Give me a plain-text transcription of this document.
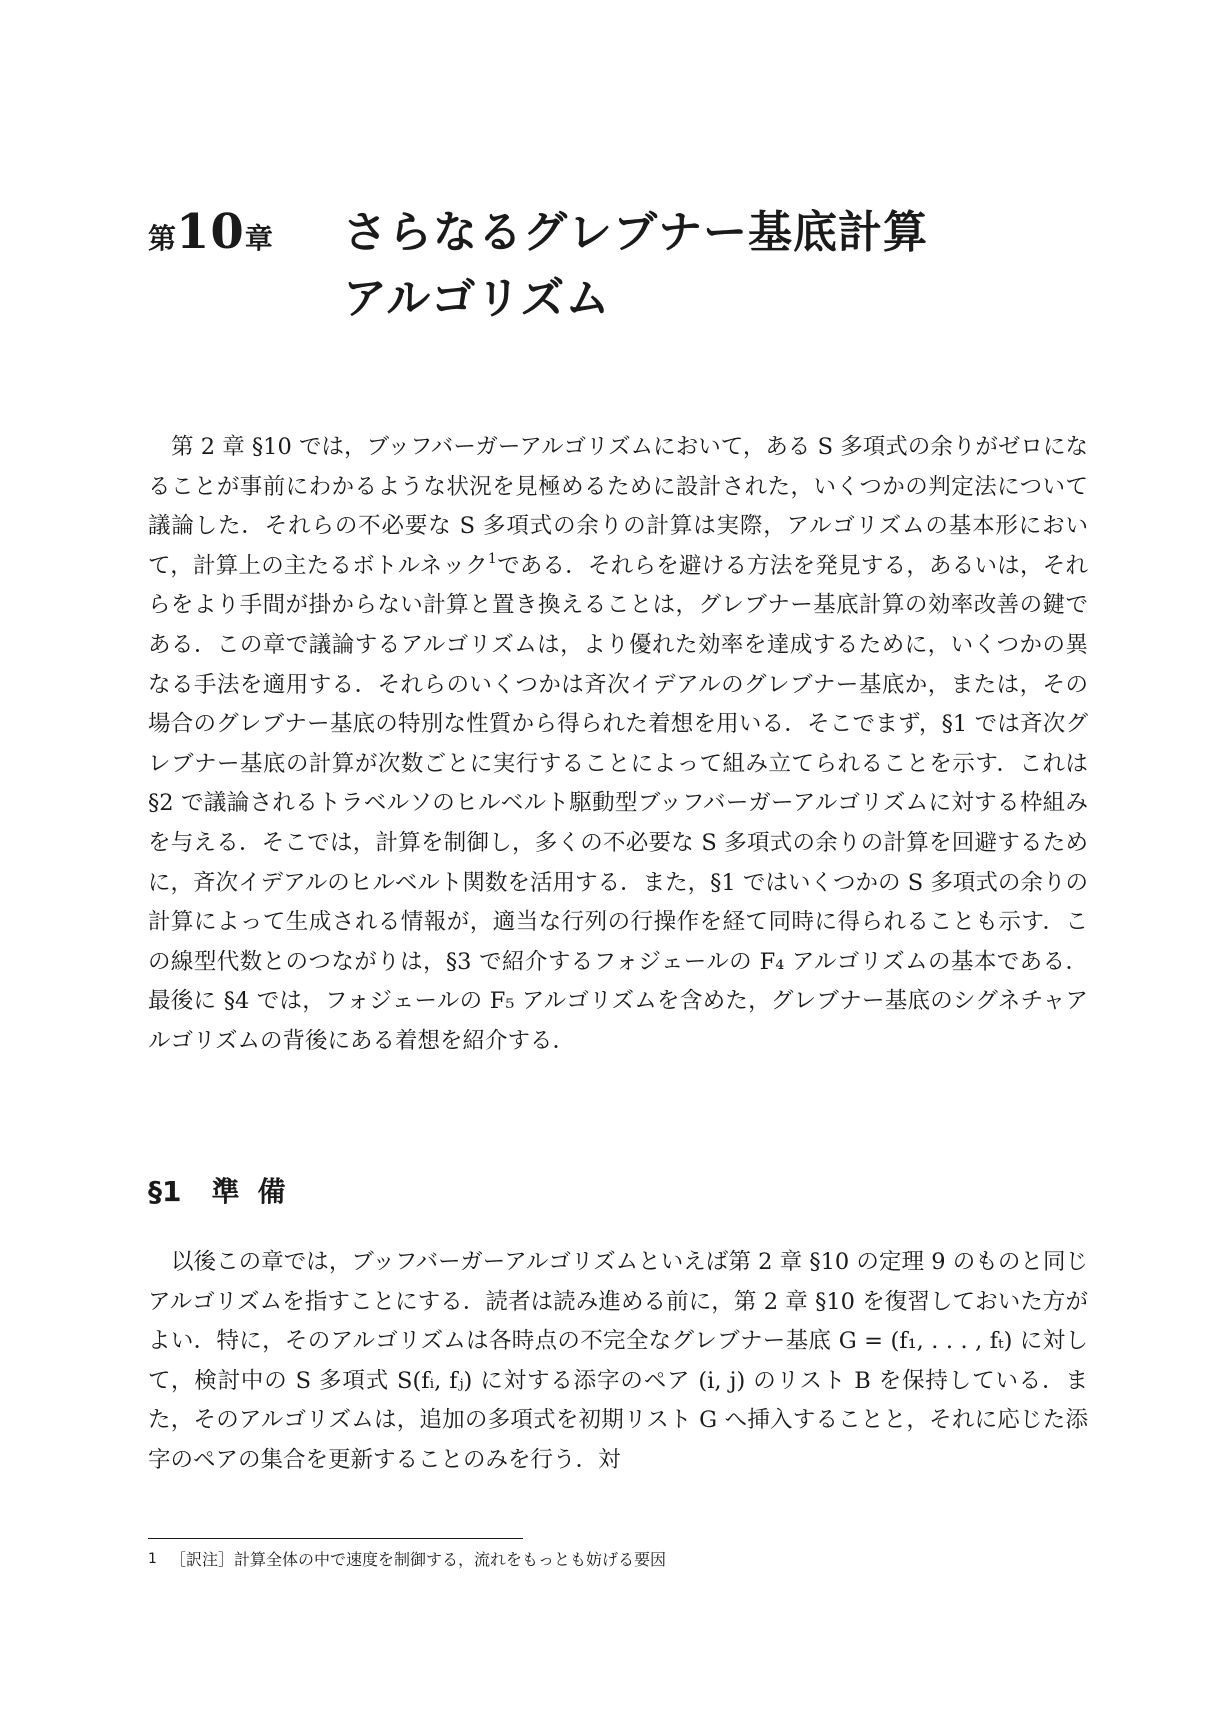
第10章 さらなるグレブナー基底計算
アルゴリズム

第 2 章 §10 では，ブッフバーガーアルゴリズムにおいて，ある S 多項式の余りがゼロになることが事前にわかるような状況を見極めるために設計された，いくつかの判定法について議論した．それらの不必要な S 多項式の余りの計算は実際，アルゴリズムの基本形において，計算上の主たるボトルネック$^1$である．それらを避ける方法を発見する，あるいは，それらをより手間が掛からない計算と置き換えることは，グレブナー基底計算の効率改善の鍵である．この章で議論するアルゴリズムは，より優れた効率を達成するために，いくつかの異なる手法を適用する．それらのいくつかは斉次イデアルのグレブナー基底か，または，その場合のグレブナー基底の特別な性質から得られた着想を用いる．そこでまず，§1 では斉次グレブナー基底の計算が次数ごとに実行することによって組み立てられることを示す．これは §2 で議論されるトラベルソのヒルベルト駆動型ブッフバーガーアルゴリズムに対する枠組みを与える．そこでは，計算を制御し，多くの不必要な S 多項式の余りの計算を回避するために，斉次イデアルのヒルベルト関数を活用する．また，§1 ではいくつかの S 多項式の余りの計算によって生成される情報が，適当な行列の行操作を経て同時に得られることも示す．この線型代数とのつながりは，§3 で紹介するフォジェールの F₄ アルゴリズムの基本である．最後に §4 では，フォジェールの F₅ アルゴリズムを含めた，グレブナー基底のシグネチャアルゴリズムの背後にある着想を紹介する．

§1 準備

以後この章では，ブッフバーガーアルゴリズムといえば第 2 章 §10 の定理 9 のものと同じアルゴリズムを指すことにする．読者は読み進める前に，第 2 章 §10 を復習しておいた方がよい．特に，そのアルゴリズムは各時点の不完全なグレブナー基底 G = (f₁, . . . , fₜ) に対して，検討中の S 多項式 S(fᵢ, fⱼ) に対する添字のペア (i, j) のリスト B を保持している．また，そのアルゴリズムは，追加の多項式を初期リスト G へ挿入することと，それに応じた添字のペアの集合を更新することのみを行う．対

1 ［訳注］計算全体の中で速度を制御する，流れをもっとも妨げる要因
